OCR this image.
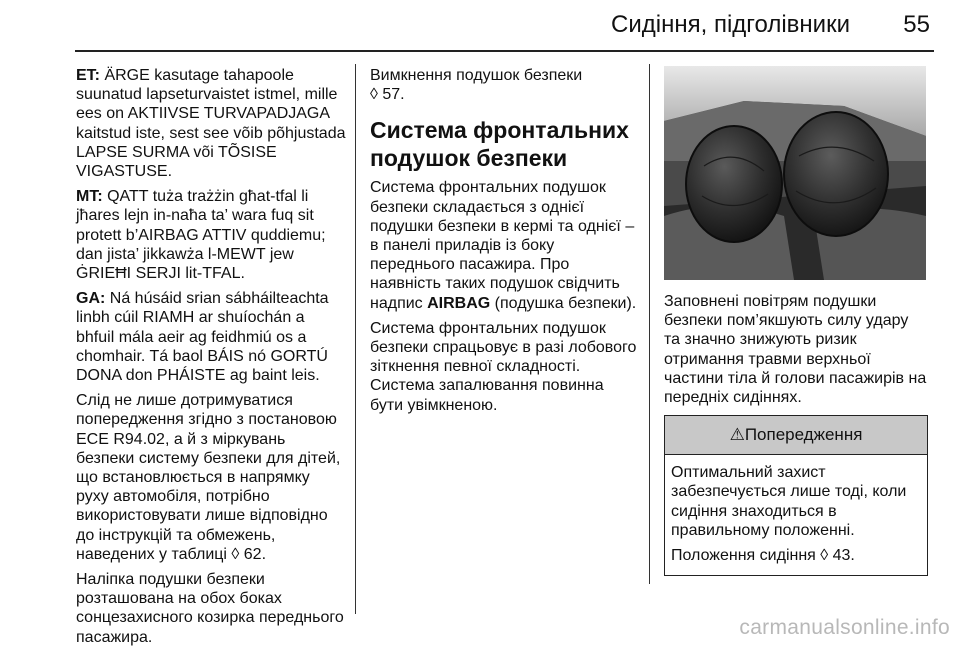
Сидіння, підголівники 55

ET: ÄRGE kasutage tahapoole suunatud lapseturvaistet istmel, mille ees on AKTIIVSE TURVAPADJAGA kaitstud iste, sest see võib põhjustada LAPSE SURMA või TÕSISE VIGASTUSE.

MT: QATT tuża trażżin għat-tfal li jħares lejn in-naħa ta’ wara fuq sit protett b’AIRBAG ATTIV quddiemu; dan jista’ jikkawża l-MEWT jew ĠRIEĦI SERJI lit-TFAL.

GA: Ná húsáid srian sábháilteachta linbh cúil RIAMH ar shuíochán a bhfuil mála aeir ag feidhmiú os a chomhair. Tá baol BÁIS nó GORTÚ DONA don PHÁISTE ag baint leis.

Слід не лише дотримуватися попередження згідно з постановою ECE R94.02, а й з міркувань безпеки систему безпеки для дітей, що встановлюється в напрямку руху автомобіля, потрібно використовувати лише відповідно до інструкцій та обмежень, наведених у таблиці ◊ 62.

Наліпка подушки безпеки розташована на обох боках сонцезахисного козирка переднього пасажира.

Вимкнення подушок безпеки
◊ 57.

Система фронтальних подушок безпеки

Система фронтальних подушок безпеки складається з однієї подушки безпеки в кермі та однієї – в панелі приладів із боку переднього пасажира. Про наявність таких подушок свідчить надпис AIRBAG (подушка безпеки).

Система фронтальних подушок безпеки спрацьовує в разі лобового зіткнення певної складності. Система запалювання повинна бути увімкненою.

Заповнені повітрям подушки безпеки пом’якшують силу удару та значно знижують ризик отримання травми верхньої частини тіла й голови пасажирів на передніх сидіннях.

⚠Попередження

Оптимальний захист забезпечується лише тоді, коли сидіння знаходиться в правильному положенні.

Положення сидіння ◊ 43.

carmanualsonline.info
